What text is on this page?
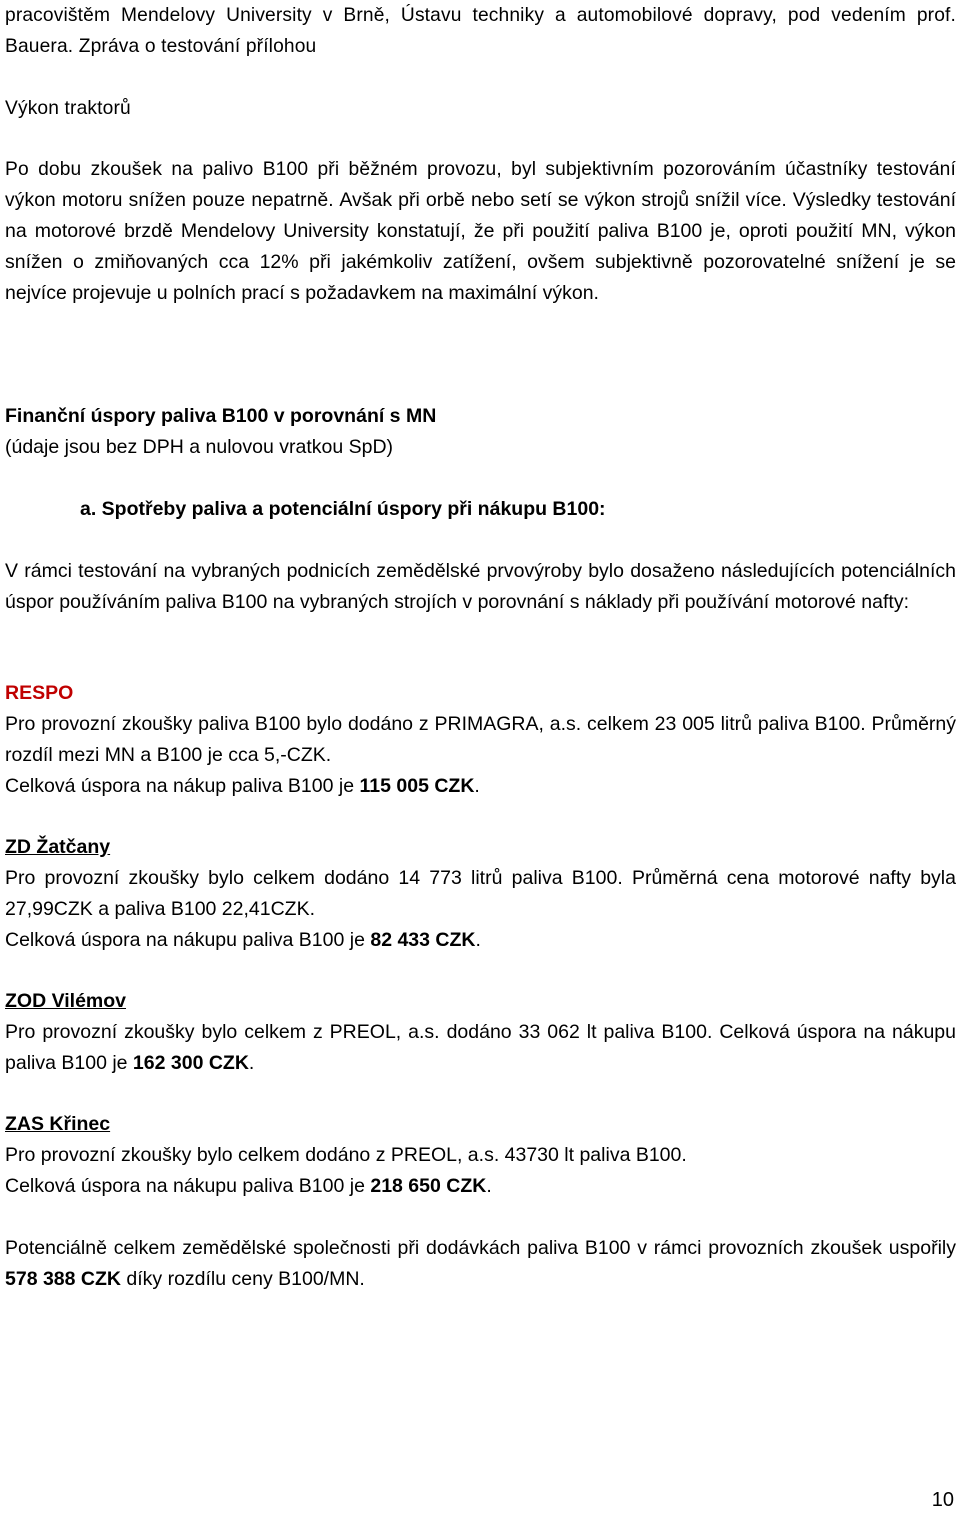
pracovištěm Mendelovy University v Brně, Ústavu techniky a automobilové dopravy, pod vedením prof. Bauera. Zpráva o testování přílohou

Výkon traktorů

Po dobu zkoušek na palivo B100 při běžném provozu, byl subjektivním pozorováním účastníky testování výkon motoru snížen pouze nepatrně. Avšak při orbě nebo setí se výkon strojů snížil více. Výsledky testování na motorové brzdě Mendelovy University konstatují, že při použití paliva B100 je, oproti použití MN, výkon snížen o zmiňovaných cca 12% při jakémkoliv zatížení, ovšem subjektivně pozorovatelné snížení je se nejvíce projevuje u polních prací s požadavkem na maximální výkon.

Finanční úspory paliva B100 v porovnání s MN

(údaje jsou bez DPH a nulovou vratkou SpD)

a. Spotřeby paliva a potenciální úspory při nákupu B100:

V rámci testování na vybraných podnicích zemědělské prvovýroby bylo dosaženo následujících potenciálních úspor používáním paliva B100 na vybraných strojích v porovnání s náklady při používání motorové nafty:

RESPO

Pro provozní zkoušky paliva B100 bylo dodáno z PRIMAGRA, a.s. celkem 23 005 litrů paliva B100. Průměrný rozdíl mezi MN a B100 je cca 5,-CZK.

Celková úspora na nákup paliva B100 je 115 005 CZK.

ZD Žatčany

Pro provozní zkoušky bylo celkem dodáno 14 773 litrů paliva B100. Průměrná cena motorové nafty byla 27,99CZK a paliva B100 22,41CZK.

Celková úspora na nákupu paliva B100 je 82 433 CZK.

ZOD Vilémov

Pro provozní zkoušky bylo celkem z PREOL, a.s. dodáno 33 062 lt paliva B100. Celková úspora na nákupu paliva B100 je 162 300 CZK.

ZAS Křinec

Pro provozní zkoušky bylo celkem dodáno z PREOL, a.s. 43730 lt paliva B100.

Celková úspora na nákupu paliva B100 je 218 650 CZK.

Potenciálně celkem zemědělské společnosti při dodávkách paliva B100 v rámci provozních zkoušek uspořily 578 388 CZK díky rozdílu ceny B100/MN.

10
